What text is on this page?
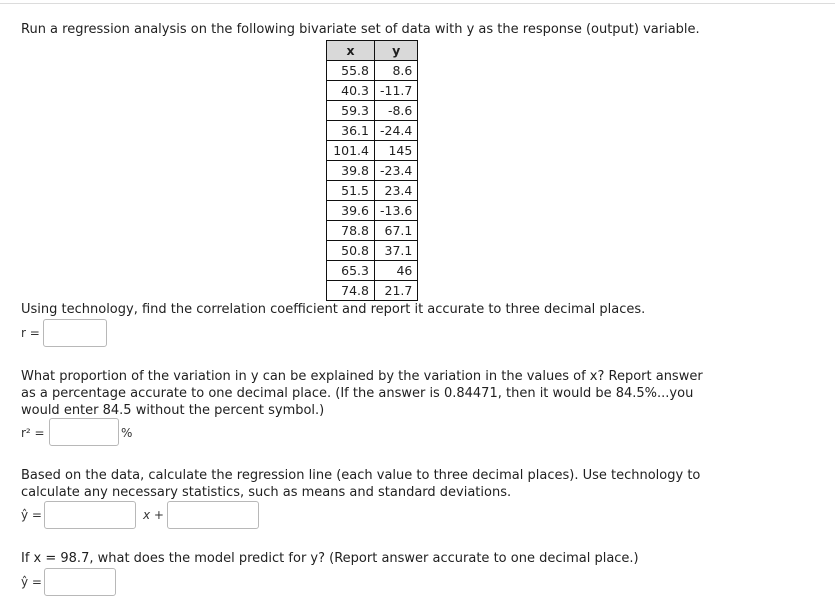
Run a regression analysis on the following bivariate set of data with y as the response (output) variable.

x	y
55.8	8.6
40.3	-11.7
59.3	-8.6
36.1	-24.4
101.4	145
39.8	-23.4
51.5	23.4
39.6	-13.6
78.8	67.1
50.8	37.1
65.3	46
74.8	21.7

Using technology, find the correlation coefficient and report it accurate to three decimal places.

r =

What proportion of the variation in y can be explained by the variation in the values of x? Report answer as a percentage accurate to one decimal place. (If the answer is 0.84471, then it would be 84.5%...you would enter 84.5 without the percent symbol.)

r² =	%

Based on the data, calculate the regression line (each value to three decimal places). Use technology to calculate any necessary statistics, such as means and standard deviations.

ŷ =	x +

If x = 98.7, what does the model predict for y? (Report answer accurate to one decimal place.)

ŷ =
